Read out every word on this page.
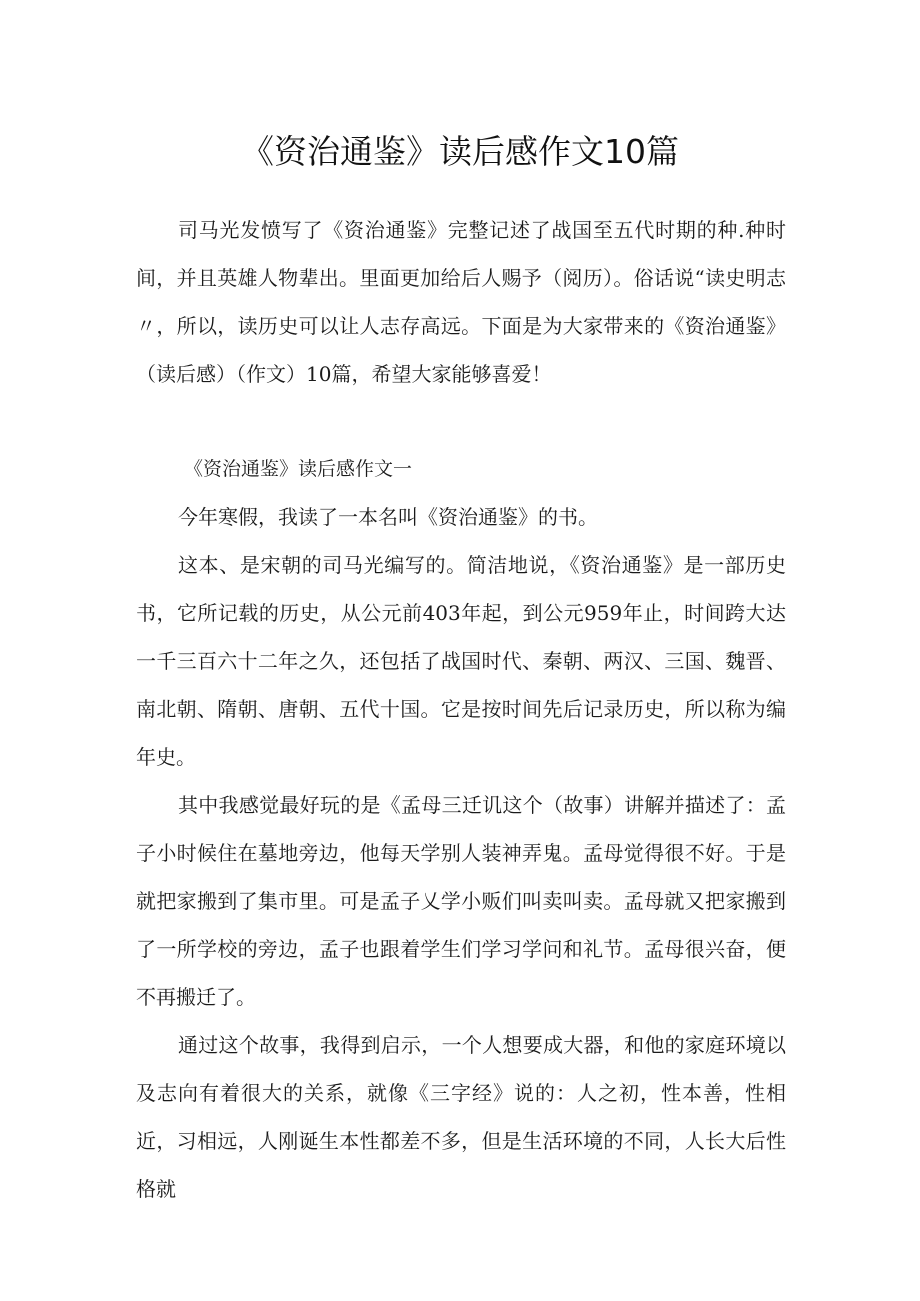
《资治通鉴》读后感作文10篇

司马光发愤写了《资治通鉴》完整记述了战国至五代时期的种.种时间，并且英雄人物辈出。里面更加给后人赐予（阅历）。俗话说“读史明志〃，所以，读历史可以让人志存高远。下面是为大家带来的《资治通鉴》（读后感）（作文）10篇，希望大家能够喜爱！

《资治通鉴》读后感作文一

今年寒假，我读了一本名叫《资治通鉴》的书。

这本、是宋朝的司马光编写的。简洁地说，《资治通鉴》是一部历史书，它所记载的历史，从公元前403年起，到公元959年止，时间跨大达一千三百六十二年之久，还包括了战国时代、秦朝、两汉、三国、魏晋、南北朝、隋朝、唐朝、五代十国。它是按时间先后记录历史，所以称为编年史。

其中我感觉最好玩的是《孟母三迁讥这个（故事）讲解并描述了：孟子小时候住在墓地旁边，他每天学别人装神弄鬼。孟母觉得很不好。于是就把家搬到了集市里。可是孟子乂学小贩们叫卖叫卖。孟母就又把家搬到了一所学校的旁边，孟子也跟着学生们学习学问和礼节。孟母很兴奋，便不再搬迁了。

通过这个故事，我得到启示，一个人想要成大器，和他的家庭环境以及志向有着很大的关系，就像《三字经》说的：人之初，性本善，性相近，习相远，人刚诞生本性都差不多，但是生活环境的不同，人长大后性格就
